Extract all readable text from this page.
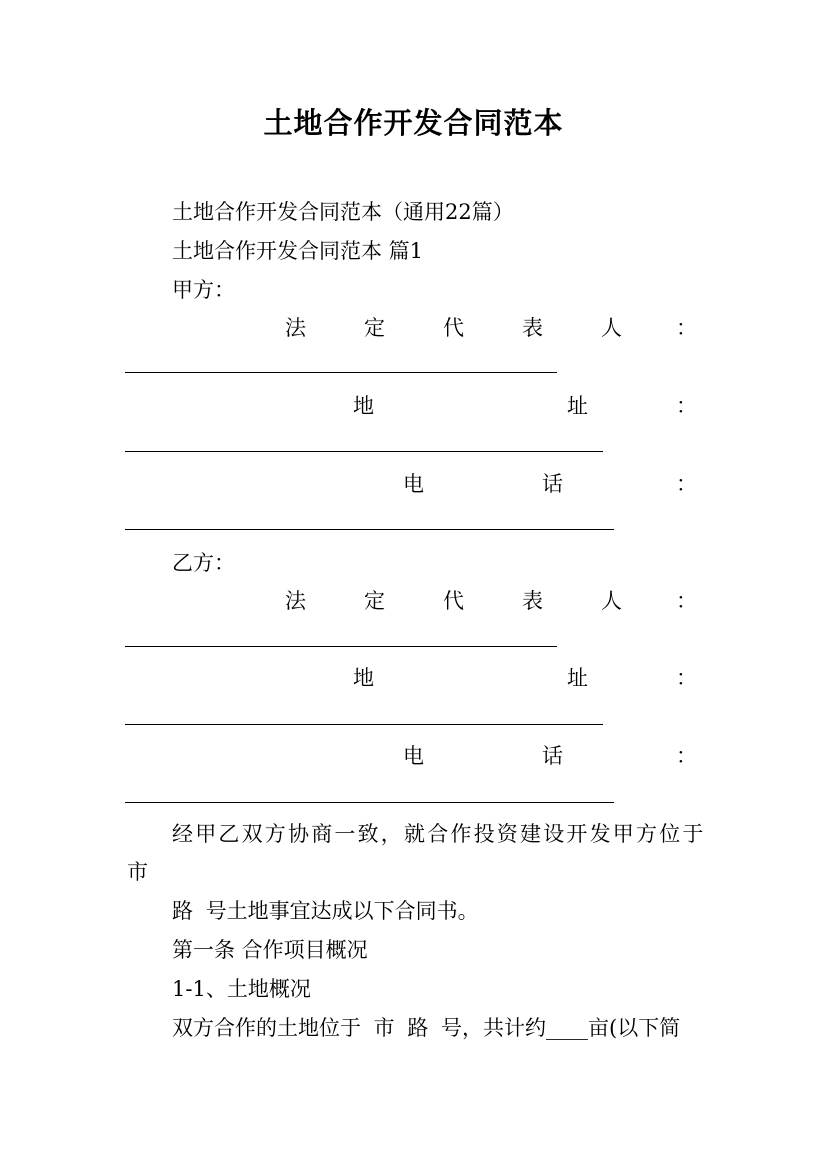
土地合作开发合同范本
土地合作开发合同范本（通用22篇）
土地合作开发合同范本 篇1
甲方：
法	定	代	表	人	：
地	址	：
电	话	：
乙方：
法	定	代	表	人	：
地	址	：
电	话	：
经甲乙双方协商一致，就合作投资建设开发甲方位于
市
路 号土地事宜达成以下合同书。
第一条 合作项目概况
1-1、土地概况
双方合作的土地位于 市 路 号，共计约____亩(以下简
